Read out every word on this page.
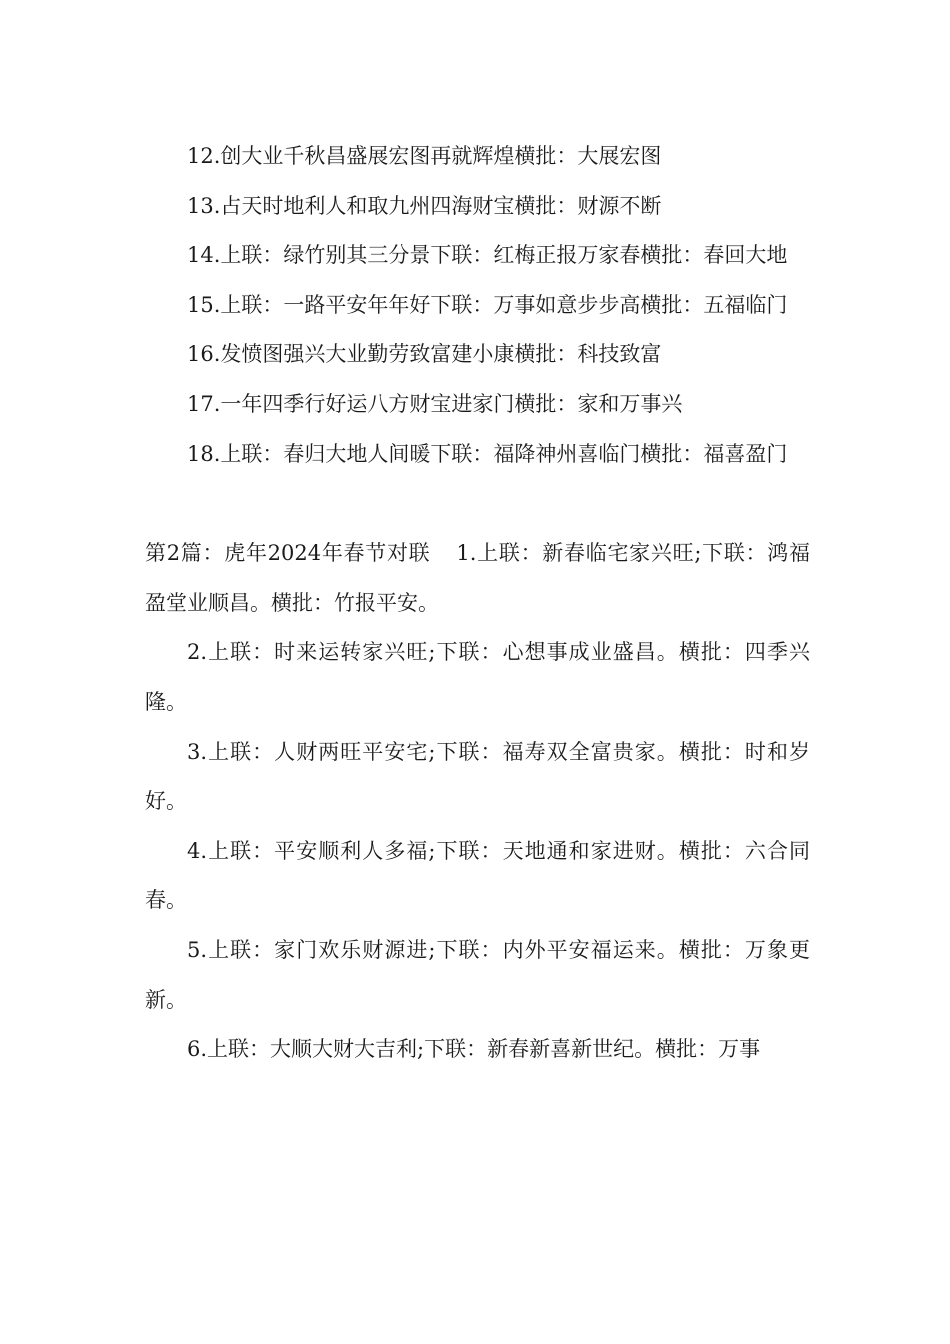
12.创大业千秋昌盛展宏图再就辉煌横批：大展宏图

13.占天时地利人和取九州四海财宝横批：财源不断

14.上联：绿竹别其三分景下联：红梅正报万家春横批：春回大地

15.上联：一路平安年年好下联：万事如意步步高横批：五福临门

16.发愤图强兴大业勤劳致富建小康横批：科技致富

17.一年四季行好运八方财宝进家门横批：家和万事兴

18.上联：春归大地人间暖下联：福降神州喜临门横批：福喜盈门

第2篇：虎年2024年春节对联 1.上联：新春临宅家兴旺;下联：鸿福盈堂业顺昌。横批：竹报平安。

2.上联：时来运转家兴旺;下联：心想事成业盛昌。横批：四季兴隆。

3.上联：人财两旺平安宅;下联：福寿双全富贵家。横批：时和岁好。

4.上联：平安顺利人多福;下联：天地通和家进财。横批：六合同春。

5.上联：家门欢乐财源进;下联：内外平安福运来。横批：万象更新。

6.上联：大顺大财大吉利;下联：新春新喜新世纪。横批：万事
